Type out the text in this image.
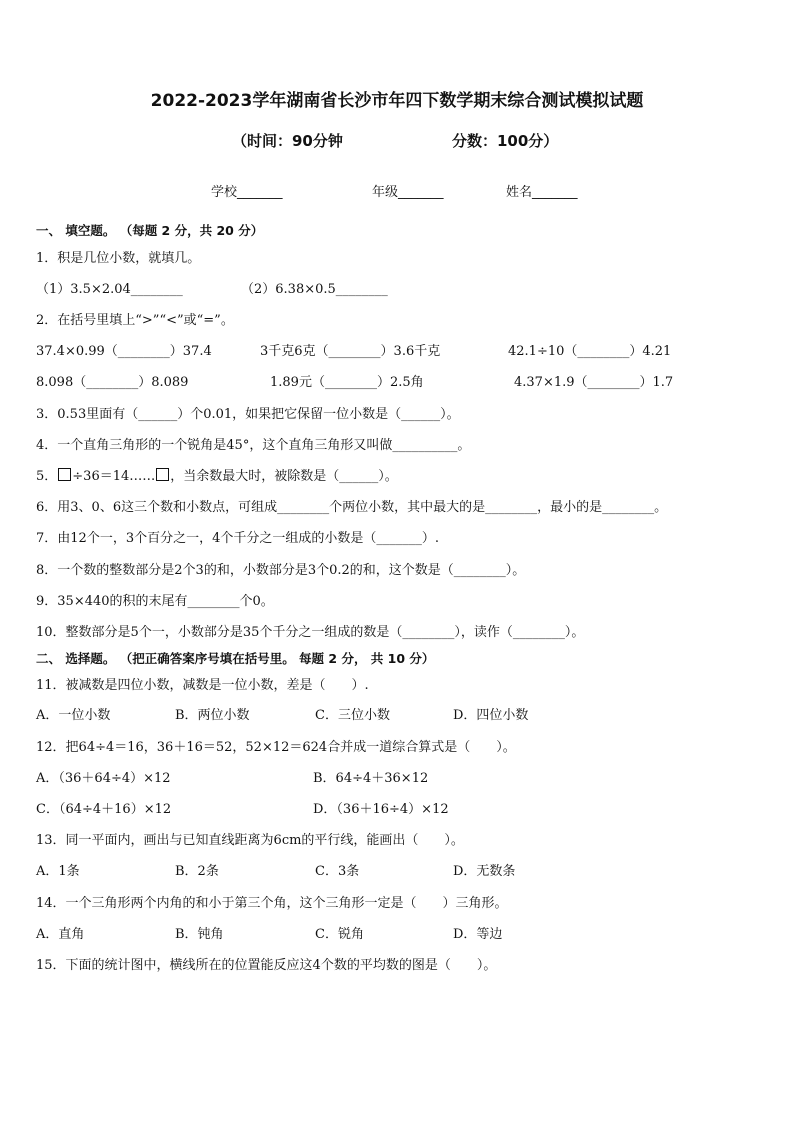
2022-2023学年湖南省长沙市年四下数学期末综合测试模拟试题
（时间：90分钟	分数：100分）
学校_______	年级_______	姓名_______
一、 填空题。 （每题 2 分，共 20 分）
1．积是几位小数，就填几。
（1）3.5×2.04________	（2）6.38×0.5________
2．在括号里填上“>”“<”或“=”。
37.4×0.99（________）37.4	3千克6克（________）3.6千克	42.1÷10（________）4.21
8.098（________）8.089	1.89元（________）2.5角	4.37×1.9（________）1.7
3．0.53里面有（______）个0.01，如果把它保留一位小数是（______）。
4．一个直角三角形的一个锐角是45°，这个直角三角形又叫做__________。
5． ÷36＝14…… ，当余数最大时，被除数是（______）。
6．用3、0、6这三个数和小数点，可组成________个两位小数，其中最大的是________，最小的是________。
7．由12个一，3个百分之一，4个千分之一组成的小数是（_______）.
8．一个数的整数部分是2个3的和，小数部分是3个0.2的和，这个数是（________）。
9．35×440的积的末尾有________个0。
10．整数部分是5个一，小数部分是35个千分之一组成的数是（________），读作（________）。
二、 选择题。 （把正确答案序号填在括号里。 每题 2 分， 共 10 分）
11．被减数是四位小数，减数是一位小数，差是（　　）.
A．一位小数	B．两位小数	C．三位小数	D．四位小数
12．把64÷4＝16，36＋16＝52，52×12＝624合并成一道综合算式是（　　）。
A．（36＋64÷4）×12	B．64÷4＋36×12
C．（64÷4＋16）×12	D．（36＋16÷4）×12
13．同一平面内，画出与已知直线距离为6cm的平行线，能画出（　　）。
A．1条	B．2条	C．3条	D．无数条
14．一个三角形两个内角的和小于第三个角，这个三角形一定是（　　）三角形。
A．直角	B．钝角	C．锐角	D．等边
15．下面的统计图中，横线所在的位置能反应这4个数的平均数的图是（　　）。
